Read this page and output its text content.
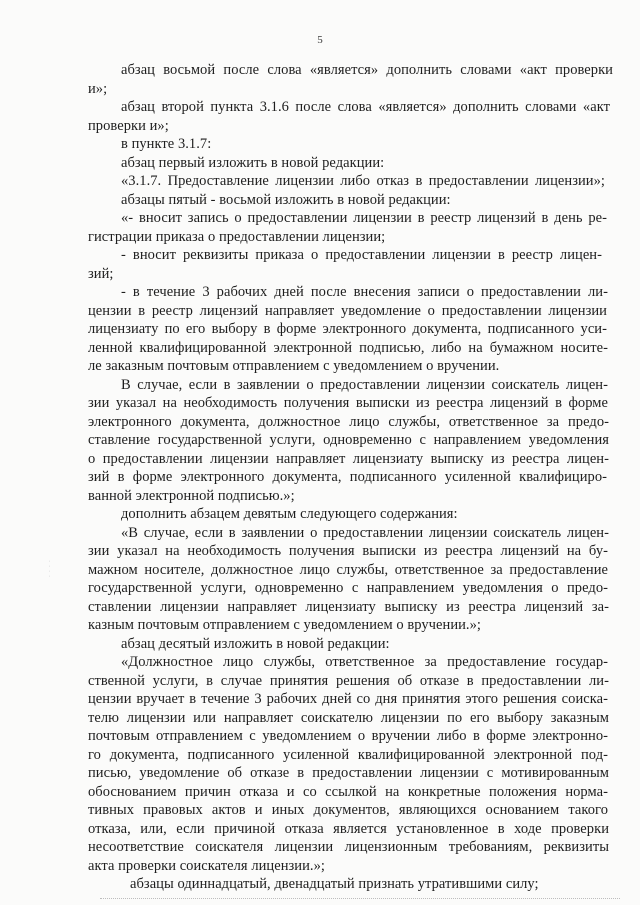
5
абзац восьмой после слова «является» дополнить словами «акт проверки
и»;
абзац второй пункта 3.1.6 после слова «является» дополнить словами «акт
проверки и»;
в пункте 3.1.7:
абзац первый изложить в новой редакции:
«3.1.7. Предоставление лицензии либо отказ в предоставлении лицензии»;
абзацы пятый - восьмой изложить в новой редакции:
«- вносит запись о предоставлении лицензии в реестр лицензий в день ре-
гистрации приказа о предоставлении лицензии;
- вносит реквизиты приказа о предоставлении лицензии в реестр лицен-
зий;
- в течение 3 рабочих дней после внесения записи о предоставлении ли-
цензии в реестр лицензий направляет уведомление о предоставлении лицензии
лицензиату по его выбору в форме электронного документа, подписанного уси-
ленной квалифицированной электронной подписью, либо на бумажном носите-
ле заказным почтовым отправлением с уведомлением о вручении.
В случае, если в заявлении о предоставлении лицензии соискатель лицен-
зии указал на необходимость получения выписки из реестра лицензий в форме
электронного документа, должностное лицо службы, ответственное за предо-
ставление государственной услуги, одновременно с направлением уведомления
о предоставлении лицензии направляет лицензиату выписку из реестра лицен-
зий в форме электронного документа, подписанного усиленной квалифициро-
ванной электронной подписью.»;
дополнить абзацем девятым следующего содержания:
«В случае, если в заявлении о предоставлении лицензии соискатель лицен-
зии указал на необходимость получения выписки из реестра лицензий на бу-
мажном носителе, должностное лицо службы, ответственное за предоставление
государственной услуги, одновременно с направлением уведомления о предо-
ставлении лицензии направляет лицензиату выписку из реестра лицензий за-
казным почтовым отправлением с уведомлением о вручении.»;
абзац десятый изложить в новой редакции:
«Должностное лицо службы, ответственное за предоставление государ-
ственной услуги, в случае принятия решения об отказе в предоставлении ли-
цензии вручает в течение 3 рабочих дней со дня принятия этого решения соиска-
телю лицензии или направляет соискателю лицензии по его выбору заказным
почтовым отправлением с уведомлением о вручении либо в форме электронно-
го документа, подписанного усиленной квалифицированной электронной под-
писью, уведомление об отказе в предоставлении лицензии с мотивированным
обоснованием причин отказа и со ссылкой на конкретные положения норма-
тивных правовых актов и иных документов, являющихся основанием такого
отказа, или, если причиной отказа является установленное в ходе проверки
несоответствие соискателя лицензии лицензионным требованиям, реквизиты
акта проверки соискателя лицензии.»;
абзацы одиннадцатый, двенадцатый признать утратившими силу;
·
·
·
·
